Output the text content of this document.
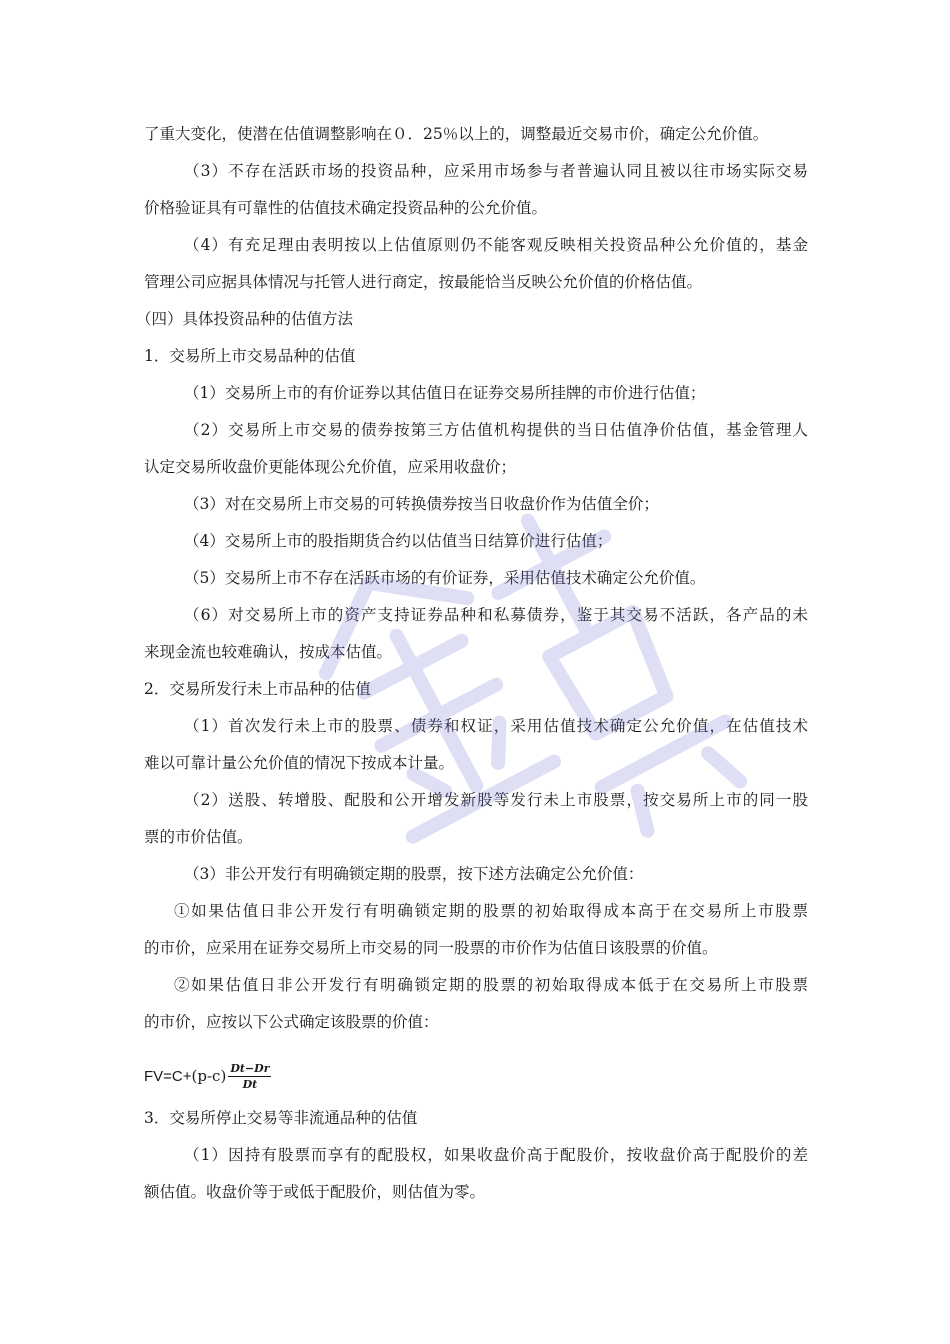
了重大变化，使潜在估值调整影响在０．25％以上的，调整最近交易市价，确定公允价值。
（3）不存在活跃市场的投资品种，应采用市场参与者普遍认同且被以往市场实际交易
价格验证具有可靠性的估值技术确定投资品种的公允价值。
（4）有充足理由表明按以上估值原则仍不能客观反映相关投资品种公允价值的，基金
管理公司应据具体情况与托管人进行商定，按最能恰当反映公允价值的价格估值。
（四）具体投资品种的估值方法
1．交易所上市交易品种的估值
（1）交易所上市的有价证券以其估值日在证券交易所挂牌的市价进行估值；
（2）交易所上市交易的债券按第三方估值机构提供的当日估值净价估值，基金管理人
认定交易所收盘价更能体现公允价值，应采用收盘价；
（3）对在交易所上市交易的可转换债券按当日收盘价作为估值全价；
（4）交易所上市的股指期货合约以估值当日结算价进行估值；
（5）交易所上市不存在活跃市场的有价证券，采用估值技术确定公允价值。
（6）对交易所上市的资产支持证券品种和私募债券，鉴于其交易不活跃，各产品的未
来现金流也较难确认，按成本估值。
2．交易所发行未上市品种的估值
（1）首次发行未上市的股票、债券和权证，采用估值技术确定公允价值，在估值技术
难以可靠计量公允价值的情况下按成本计量。
（2）送股、转增股、配股和公开增发新股等发行未上市股票，按交易所上市的同一股
票的市价估值。
（3）非公开发行有明确锁定期的股票，按下述方法确定公允价值：
①如果估值日非公开发行有明确锁定期的股票的初始取得成本高于在交易所上市股票
的市价，应采用在证券交易所上市交易的同一股票的市价作为估值日该股票的价值。
②如果估值日非公开发行有明确锁定期的股票的初始取得成本低于在交易所上市股票
的市价，应按以下公式确定该股票的价值：
$FV=C+ (p-c) \frac{Dt-Dr}{Dt}$
3．交易所停止交易等非流通品种的估值
（1）因持有股票而享有的配股权，如果收盘价高于配股价，按收盘价高于配股价的差
额估值。收盘价等于或低于配股价，则估值为零。
